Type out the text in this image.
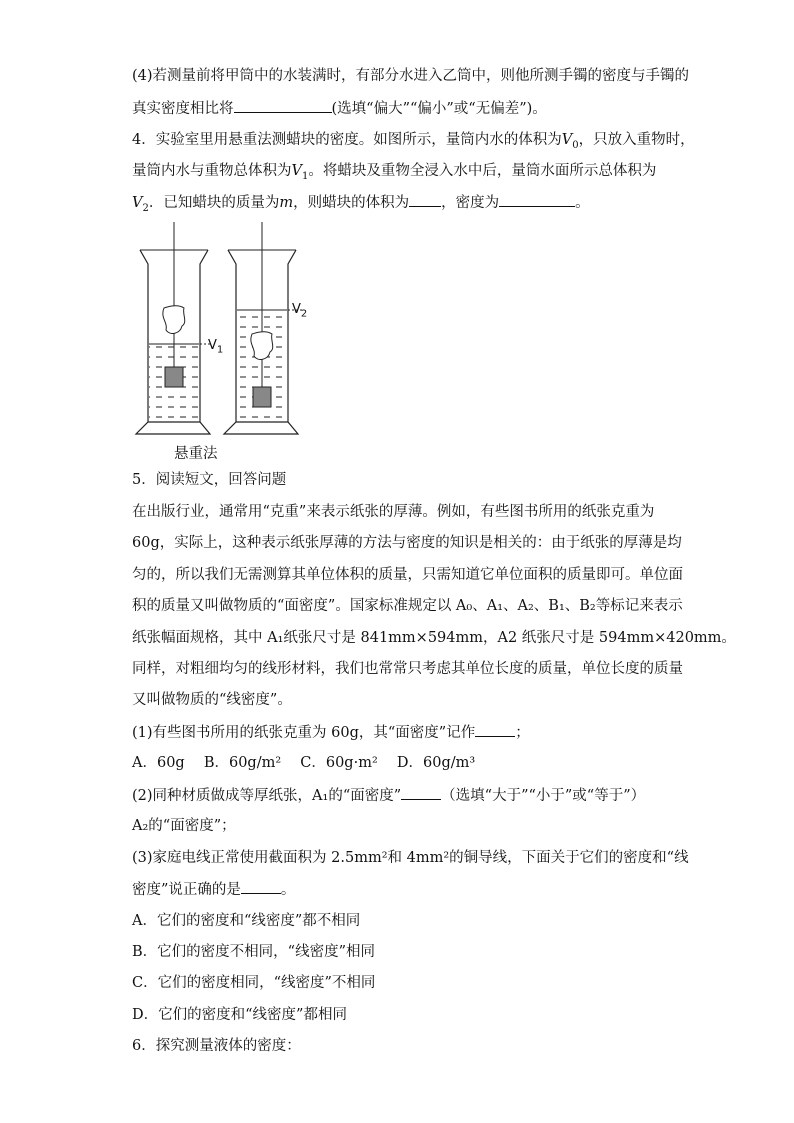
(4)若测量前将甲筒中的水装满时，有部分水进入乙筒中，则他所测手镯的密度与手镯的
真实密度相比将	(选填“偏大”“偏小”或“无偏差”)。
4．实验室里用悬重法测蜡块的密度。如图所示，量筒内水的体积为$V_0$，只放入重物时，
量筒内水与重物总体积为$V_1$。将蜡块及重物全浸入水中后，量筒水面所示总体积为
$V_2$．已知蜡块的质量为m，则蜡块的体积为 ，密度为	。
$V_1$
$V_2$
悬重法
5．阅读短文，回答问题
在出版行业，通常用“克重”来表示纸张的厚薄。例如，有些图书所用的纸张克重为
60g，实际上，这种表示纸张厚薄的方法与密度的知识是相关的：由于纸张的厚薄是均
匀的，所以我们无需测算其单位体积的质量，只需知道它单位面积的质量即可。单位面
积的质量又叫做物质的“面密度”。国家标准规定以 A₀、A₁、A₂、B₁、B₂等标记来表示
纸张幅面规格，其中 A₁纸张尺寸是 841mm×594mm，A2 纸张尺寸是 594mm×420mm。
同样，对粗细均匀的线形材料，我们也常常只考虑其单位长度的质量，单位长度的质量
又叫做物质的“线密度”。
(1)有些图书所用的纸张克重为 60g，其“面密度”记作	；
A．60g　 B．60g/m²　 C．60g·m²　 D．60g/m³
(2)同种材质做成等厚纸张，A₁的“面密度”	（选填“大于”“小于”或“等于”）
A₂的“面密度”；
(3)家庭电线正常使用截面积为 2.5mm²和 4mm²的铜导线，下面关于它们的密度和“线
密度”说正确的是	。
A．它们的密度和“线密度”都不相同
B．它们的密度不相同，“线密度”相同
C．它们的密度相同，“线密度”不相同
D．它们的密度和“线密度”都相同
6．探究测量液体的密度：
